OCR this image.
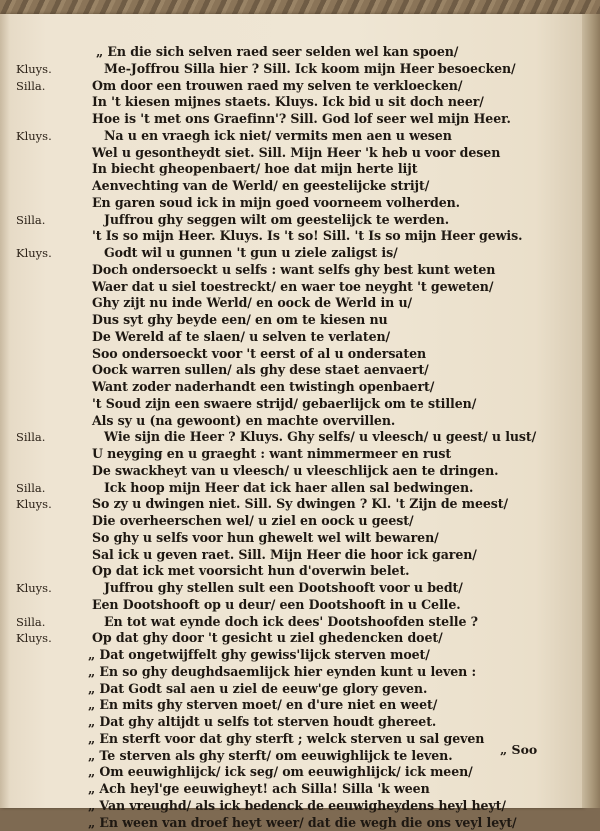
„ En die sich selven raed seer selden wel kan spoen/
Kluys.	Me-Joffrou Silla hier ? Sill. Ick koom mijn Heer besoecken/
Silla.	Om door een trouwen raed my selven te verkloecken/
In 't kiesen mijnes staets. Kluys. Ick bid u sit doch neer/
Hoe is 't met ons Graefinn'? Sill. God lof seer wel mijn Heer.
Kluys.	Na u en vraegh ick niet/ vermits men aen u wesen
Wel u gesontheydt siet. Sill. Mijn Heer 'k heb u voor desen
In biecht gheopenbaert/ hoe dat mijn herte lijt
Aenvechting van de Werld/ en geestelijcke strijt/
En garen soud ick in mijn goed voorneem volherden.
Silla.	Juffrou ghy seggen wilt om geestelijck te werden.
't Is so mijn Heer. Kluys. Is 't so! Sill. 't Is so mijn Heer gewis.
Kluys.	Godt wil u gunnen 't gun u ziele zaligst is/
Doch ondersoeckt u selfs : want selfs ghy best kunt weten
Waer dat u siel toestreckt/ en waer toe neyght 't geweten/
Ghy zijt nu inde Werld/ en oock de Werld in u/
Dus syt ghy beyde een/ en om te kiesen nu
De Wereld af te slaen/ u selven te verlaten/
Soo ondersoeckt voor 't eerst of al u ondersaten
Oock warren sullen/ als ghy dese staet aenvaert/
Want zoder naderhandt een twistingh openbaert/
't Soud zijn een swaere strijd/ gebaerlijck om te stillen/
Als sy u (na gewoont) en machte overvillen.
Silla.	Wie sijn die Heer ? Kluys. Ghy selfs/ u vleesch/ u geest/ u lust/
U neyging en u graeght : want nimmermeer en rust
De swackheyt van u vleesch/ u vleeschlijck aen te dringen.
Silla.	Ick hoop mijn Heer dat ick haer allen sal bedwingen.
Kluys.	So zy u dwingen niet. Sill. Sy dwingen ? Kl. 't Zijn de meest/
Die overheerschen wel/ u ziel en oock u geest/
So ghy u selfs voor hun ghewelt wel wilt bewaren/
Sal ick u geven raet. Sill. Mijn Heer die hoor ick garen/
Op dat ick met voorsicht hun d'overwin belet.
Kluys.	Juffrou ghy stellen sult een Dootshooft voor u bedt/
Een Dootshooft op u deur/ een Dootshooft in u Celle.
Silla.	En tot wat eynde doch ick dees' Dootshoofden stelle ?
Kluys.	Op dat ghy door 't gesicht u ziel ghedencken doet/
„ Dat ongetwijffelt ghy gewiss'lijck sterven moet/
„ En so ghy deughdsaemlijck hier eynden kunt u leven :
„ Dat Godt sal aen u ziel de eeuw'ge glory geven.
„ En mits ghy sterven moet/ en d'ure niet en weet/
„ Dat ghy altijdt u selfs tot sterven houdt ghereet.
„ En sterft voor dat ghy sterft ; welck sterven u sal geven
„ Te sterven als ghy sterft/ om eeuwighlijck te leven.
„ Om eeuwighlijck/ ick seg/ om eeuwighlijck/ ick meen/
„ Ach heyl'ge eeuwigheyt! ach Silla! Silla 'k ween
„ Van vreughd/ als ick bedenck de eeuwigheydens heyl heyt/
„ En ween van droef heyt weer/ dat die wegh die ons veyl leyt/
„ Soo
